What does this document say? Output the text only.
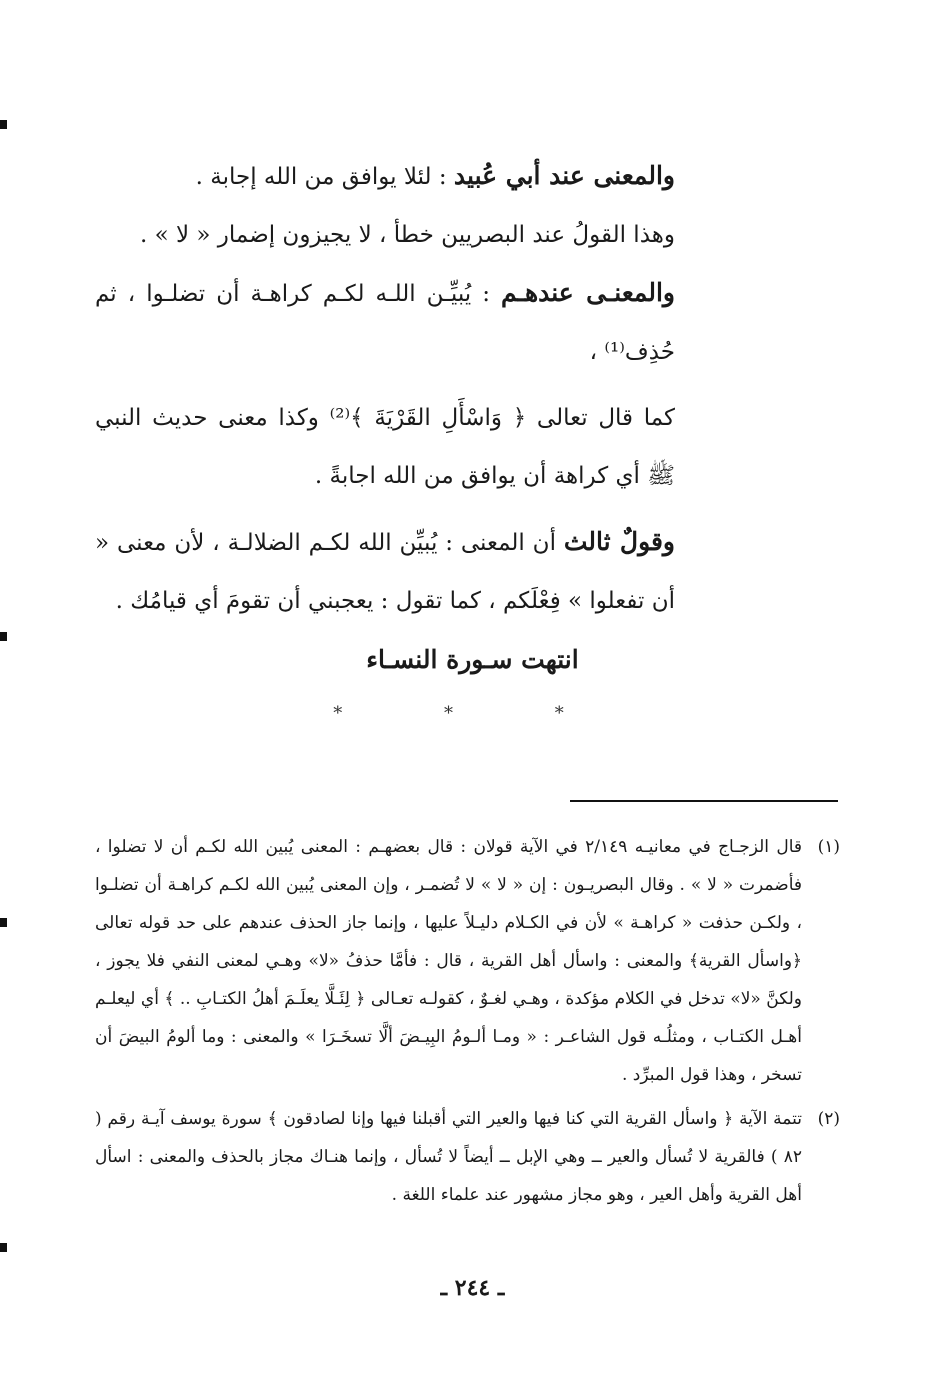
والمعنى عند أبي عُبيد : لئلا يوافق من الله إجابة .

وهذا القولُ عند البصريين خطأ ، لا يجيزون إضمار « لا » .

والمعنـى عندهـم : يُبيِّـن اللـه لكـم كراهـة أن تضلـوا ، ثم حُذِف⁽¹⁾ ،

كما قال تعالى ﴿ وَاسْأَلِ القَرْيَةَ ﴾⁽²⁾ وكذا معنى حديث النبي ﷺ أي كراهة أن يوافق من الله اجابةً .

وقولٌ ثالث أن المعنى : يُبيِّن الله لكـم الضلالـة ، لأن معنى « أن تفعلوا » فِعْلَكم ، كما تقول : يعجبني أن تقومَ أي قيامُك .

انتهت سـورة النسـاء
* * *
(١)
قال الزجـاج في معانيـه ٢/١٤٩ في الآية قولان : قال بعضهـم : المعنى يُبين الله لكـم أن لا تضلوا ، فأضمرت « لا » . وقال البصريـون : إن « لا » لا تُضمـر ، وإن المعنى يُبين الله لكـم كراهـة أن تضلـوا ، ولكـن حذفت « كراهـة » لأن في الكـلام دليـلاً عليها ، وإنما جاز الحذف عندهم على حد قوله تعالى ﴿واسأل القرية﴾ والمعنى : واسأل أهل القرية ، قال : فأمَّا حذفُ «لا» وهـي لمعنى النفي فلا يجوز ، ولكنَّ «لا» تدخل في الكلام مؤكدة ، وهـي لغـوٌ ، كقولـه تعـالى ﴿ لِئَـلَّا يعلَـمَ أهلُ الكتـابِ .. ﴾ أي ليعلـم أهـل الكتـاب ، ومثلُـه قول الشاعـر : « ومـا ألـومُ البِيـضَ ألَّا تسخَـرَا » والمعنى : وما ألومُ البيضَ أن تسخر ، وهذا قول المبرِّد .
(٢)
تتمة الآية ﴿ واسأل القرية التي كنا فيها والعير التي أقبلنا فيها وإنا لصادقون ﴾ سورة يوسف آيـة رقم ( ٨٢ ) فالقرية لا تُسأل والعير ــ وهي الإبل ــ أيضاً لا تُسأل ، وإنما هنـاك مجاز بالحذف والمعنى : اسأل أهل القرية وأهل العير ، وهو مجاز مشهور عند علماء اللغة .
ـ ٢٤٤ ـ
